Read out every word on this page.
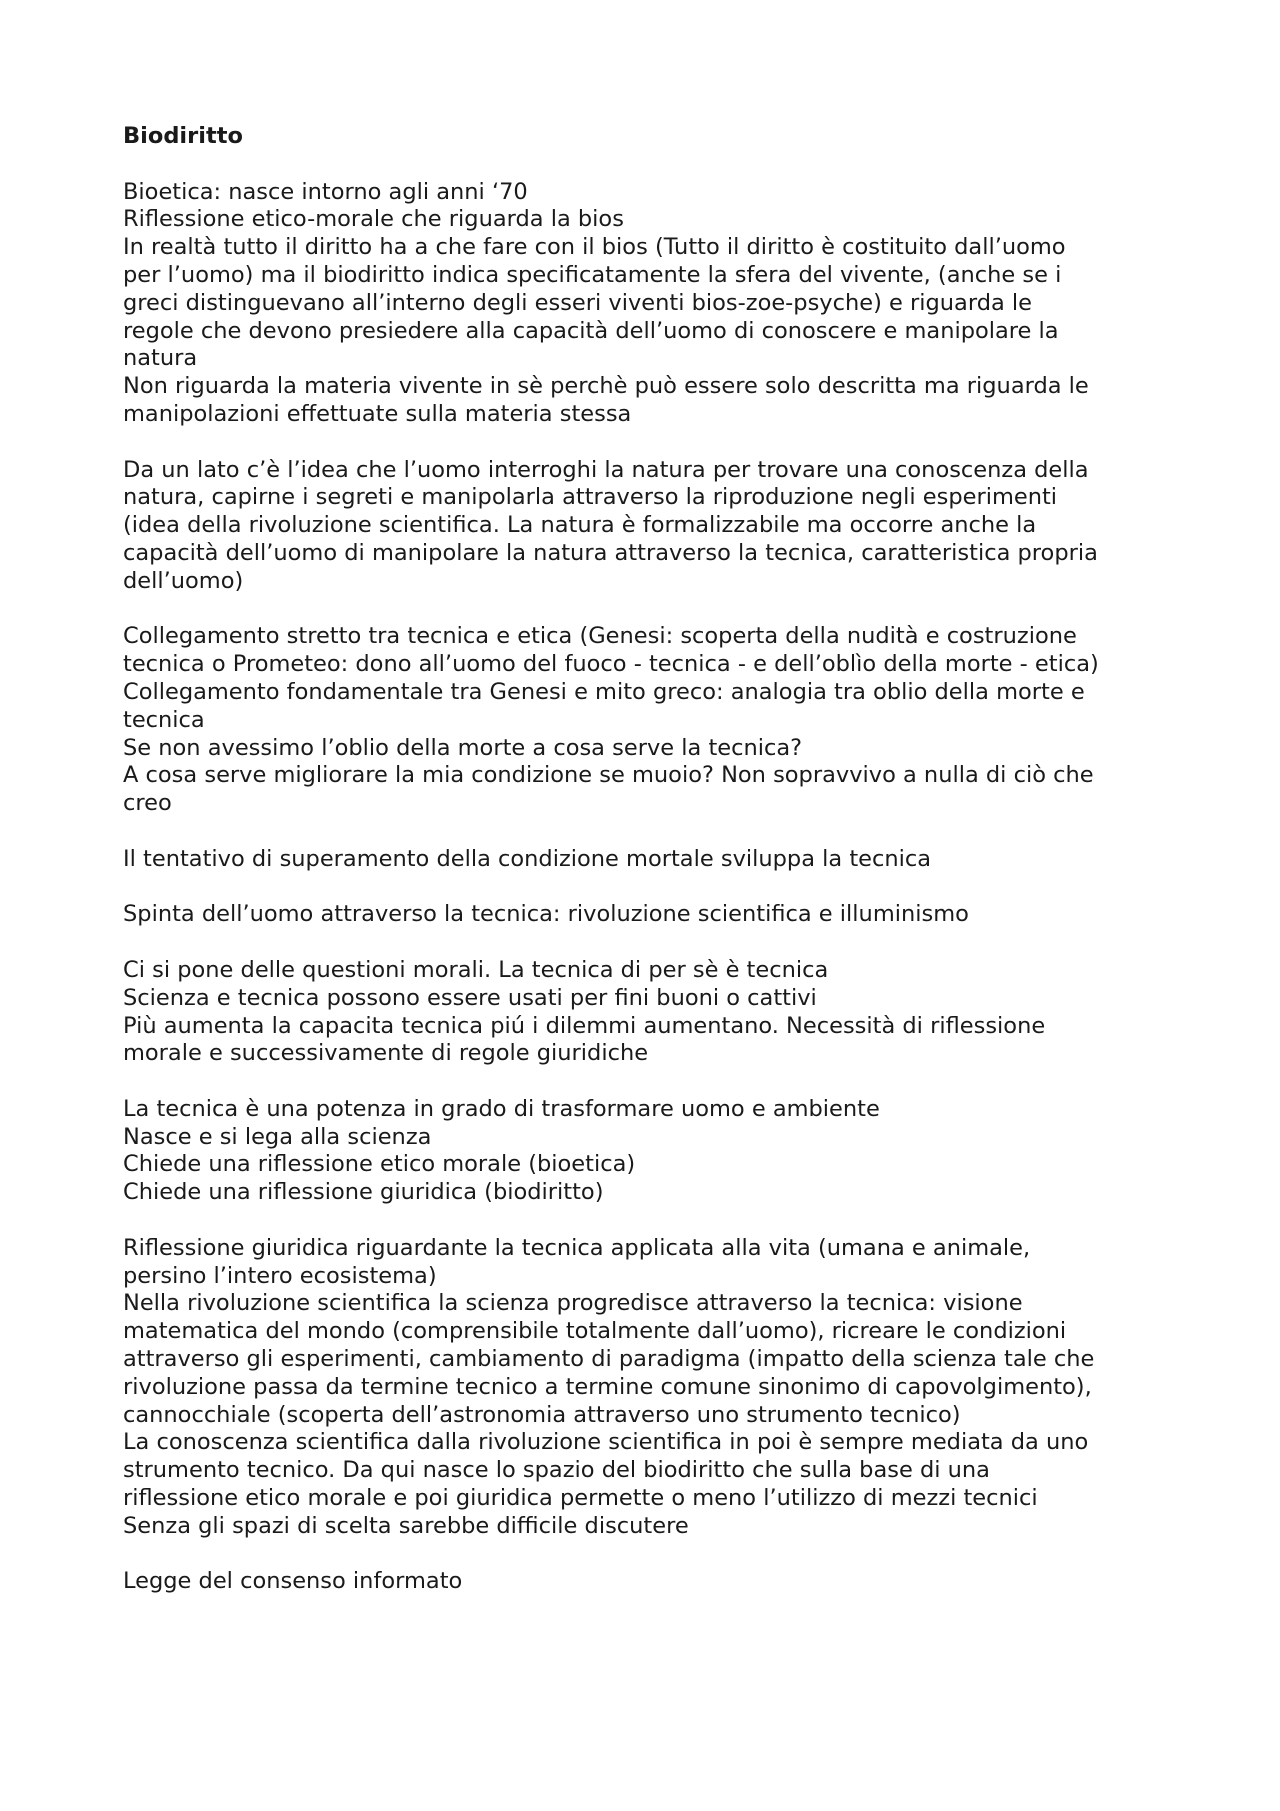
Biodiritto
Bioetica: nasce intorno agli anni ‘70
Riflessione etico-morale che riguarda la bios
In realtà tutto il diritto ha a che fare con il bios (Tutto il diritto è costituito dall’uomo
per l’uomo) ma il biodiritto indica specificatamente la sfera del vivente, (anche se i
greci distinguevano all’interno degli esseri viventi bios-zoe-psyche) e riguarda le
regole che devono presiedere alla capacità dell’uomo di conoscere e manipolare la
natura
Non riguarda la materia vivente in sè perchè può essere solo descritta ma riguarda le
manipolazioni effettuate sulla materia stessa
Da un lato c’è l’idea che l’uomo interroghi la natura per trovare una conoscenza della
natura, capirne i segreti e manipolarla attraverso la riproduzione negli esperimenti
(idea della rivoluzione scientifica. La natura è formalizzabile ma occorre anche la
capacità dell’uomo di manipolare la natura attraverso la tecnica, caratteristica propria
dell’uomo)
Collegamento stretto tra tecnica e etica (Genesi: scoperta della nudità e costruzione
tecnica o Prometeo: dono all’uomo del fuoco - tecnica - e dell’oblìo della morte - etica)
Collegamento fondamentale tra Genesi e mito greco: analogia tra oblio della morte e
tecnica
Se non avessimo l’oblio della morte a cosa serve la tecnica?
A cosa serve migliorare la mia condizione se muoio? Non sopravvivo a nulla di ciò che
creo
Il tentativo di superamento della condizione mortale sviluppa la tecnica
Spinta dell’uomo attraverso la tecnica: rivoluzione scientifica e illuminismo
Ci si pone delle questioni morali. La tecnica di per sè è tecnica
Scienza e tecnica possono essere usati per fini buoni o cattivi
Più aumenta la capacita tecnica piú i dilemmi aumentano. Necessità di riflessione
morale e successivamente di regole giuridiche
La tecnica è una potenza in grado di trasformare uomo e ambiente
Nasce e si lega alla scienza
Chiede una riflessione etico morale (bioetica)
Chiede una riflessione giuridica (biodiritto)
Riflessione giuridica riguardante la tecnica applicata alla vita (umana e animale,
persino l’intero ecosistema)
Nella rivoluzione scientifica la scienza progredisce attraverso la tecnica: visione
matematica del mondo (comprensibile totalmente dall’uomo), ricreare le condizioni
attraverso gli esperimenti, cambiamento di paradigma (impatto della scienza tale che
rivoluzione passa da termine tecnico a termine comune sinonimo di capovolgimento),
cannocchiale (scoperta dell’astronomia attraverso uno strumento tecnico)
La conoscenza scientifica dalla rivoluzione scientifica in poi è sempre mediata da uno
strumento tecnico. Da qui nasce lo spazio del biodiritto che sulla base di una
riflessione etico morale e poi giuridica permette o meno l’utilizzo di mezzi tecnici
Senza gli spazi di scelta sarebbe difficile discutere
Legge del consenso informato
